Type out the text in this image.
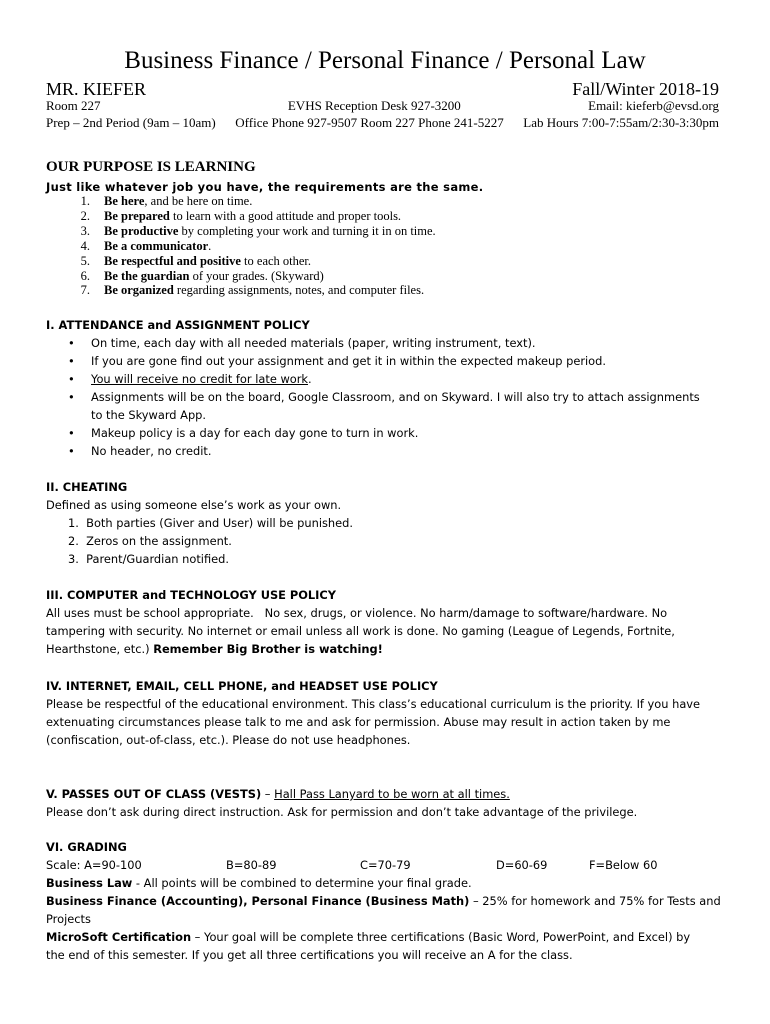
Business Finance / Personal Finance / Personal Law
MR. KIEFER	Fall/Winter 2018-19
Room 227	EVHS Reception Desk 927-3200	Email: kieferb@evsd.org
Prep – 2nd Period (9am – 10am) Office Phone 927-9507 Room 227 Phone 241-5227 Lab Hours 7:00-7:55am/2:30-3:30pm
OUR PURPOSE IS LEARNING
Just like whatever job you have, the requirements are the same.
1.	Be here, and be here on time.
2.	Be prepared to learn with a good attitude and proper tools.
3.	Be productive by completing your work and turning it in on time.
4.	Be a communicator.
5.	Be respectful and positive to each other.
6.	Be the guardian of your grades. (Skyward)
7.	Be organized regarding assignments, notes, and computer files.
I. ATTENDANCE and ASSIGNMENT POLICY
• On time, each day with all needed materials (paper, writing instrument, text).
• If you are gone find out your assignment and get it in within the expected makeup period.
• You will receive no credit for late work.
• Assignments will be on the board, Google Classroom, and on Skyward. I will also try to attach assignments
to the Skyward App.
• Makeup policy is a day for each day gone to turn in work.
• No header, no credit.
II. CHEATING
Defined as using someone else’s work as your own.
1. Both parties (Giver and User) will be punished.
2. Zeros on the assignment.
3. Parent/Guardian notified.
III. COMPUTER and TECHNOLOGY USE POLICY
All uses must be school appropriate.   No sex, drugs, or violence. No harm/damage to software/hardware. No
tampering with security. No internet or email unless all work is done. No gaming (League of Legends, Fortnite,
Hearthstone, etc.) Remember Big Brother is watching!
IV. INTERNET, EMAIL, CELL PHONE, and HEADSET USE POLICY
Please be respectful of the educational environment. This class’s educational curriculum is the priority. If you have
extenuating circumstances please talk to me and ask for permission. Abuse may result in action taken by me
(confiscation, out-of-class, etc.). Please do not use headphones.
V. PASSES OUT OF CLASS (VESTS) – Hall Pass Lanyard to be worn at all times.
Please don’t ask during direct instruction. Ask for permission and don’t take advantage of the privilege.
VI. GRADING
Scale: A=90-100	B=80-89	C=70-79	D=60-69	F=Below 60
Business Law - All points will be combined to determine your final grade.
Business Finance (Accounting), Personal Finance (Business Math) – 25% for homework and 75% for Tests and
Projects
MicroSoft Certification – Your goal will be complete three certifications (Basic Word, PowerPoint, and Excel) by
the end of this semester. If you get all three certifications you will receive an A for the class.
